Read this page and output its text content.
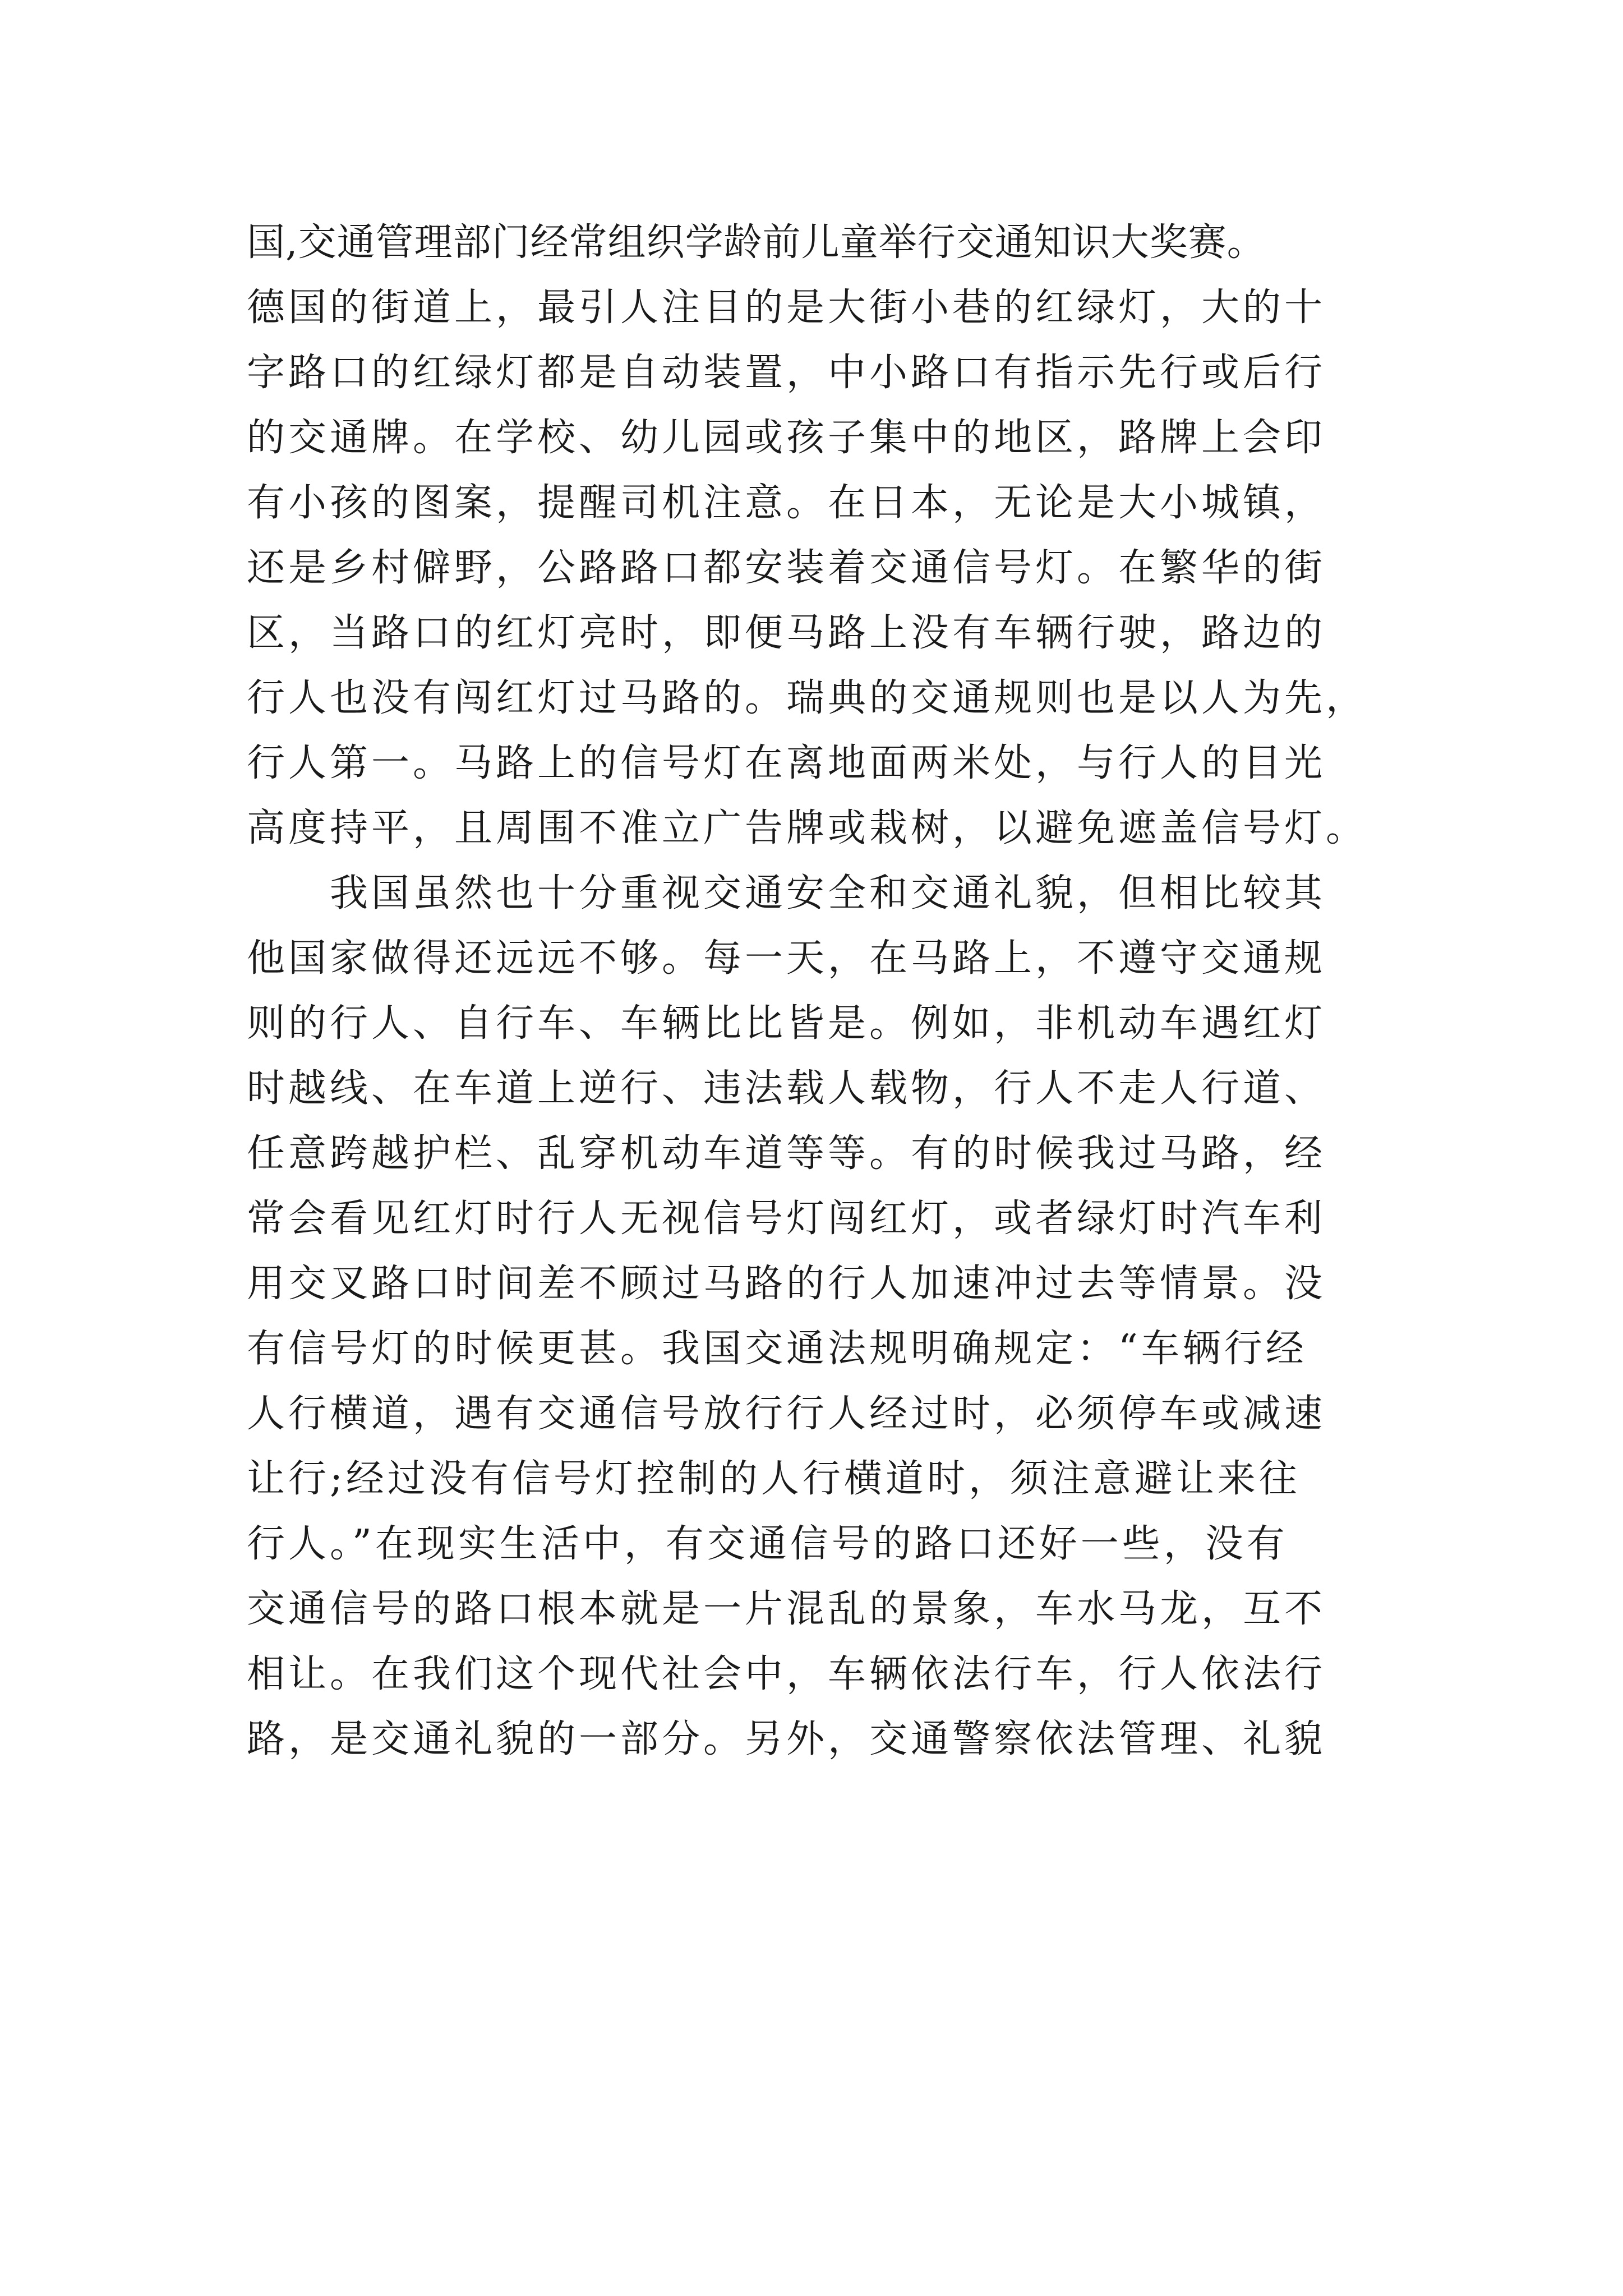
国,交通管理部门经常组织学龄前儿童举行交通知识大奖赛。
德国的街道上，最引人注目的是大街小巷的红绿灯，大的十
字路口的红绿灯都是自动装置，中小路口有指示先行或后行
的交通牌。在学校、幼儿园或孩子集中的地区，路牌上会印
有小孩的图案，提醒司机注意。在日本，无论是大小城镇，
还是乡村僻野，公路路口都安装着交通信号灯。在繁华的街
区，当路口的红灯亮时，即便马路上没有车辆行驶，路边的
行人也没有闯红灯过马路的。瑞典的交通规则也是以人为先，
行人第一。马路上的信号灯在离地面两米处，与行人的目光
高度持平，且周围不准立广告牌或栽树，以避免遮盖信号灯。
我国虽然也十分重视交通安全和交通礼貌，但相比较其
他国家做得还远远不够。每一天，在马路上，不遵守交通规
则的行人、自行车、车辆比比皆是。例如，非机动车遇红灯
时越线、在车道上逆行、违法载人载物，行人不走人行道、
任意跨越护栏、乱穿机动车道等等。有的时候我过马路，经
常会看见红灯时行人无视信号灯闯红灯，或者绿灯时汽车利
用交叉路口时间差不顾过马路的行人加速冲过去等情景。没
有信号灯的时候更甚。我国交通法规明确规定：“车辆行经
人行横道，遇有交通信号放行行人经过时，必须停车或减速
让行;经过没有信号灯控制的人行横道时，须注意避让来往
行人。”在现实生活中，有交通信号的路口还好一些，没有
交通信号的路口根本就是一片混乱的景象，车水马龙，互不
相让。在我们这个现代社会中，车辆依法行车，行人依法行
路，是交通礼貌的一部分。另外，交通警察依法管理、礼貌
